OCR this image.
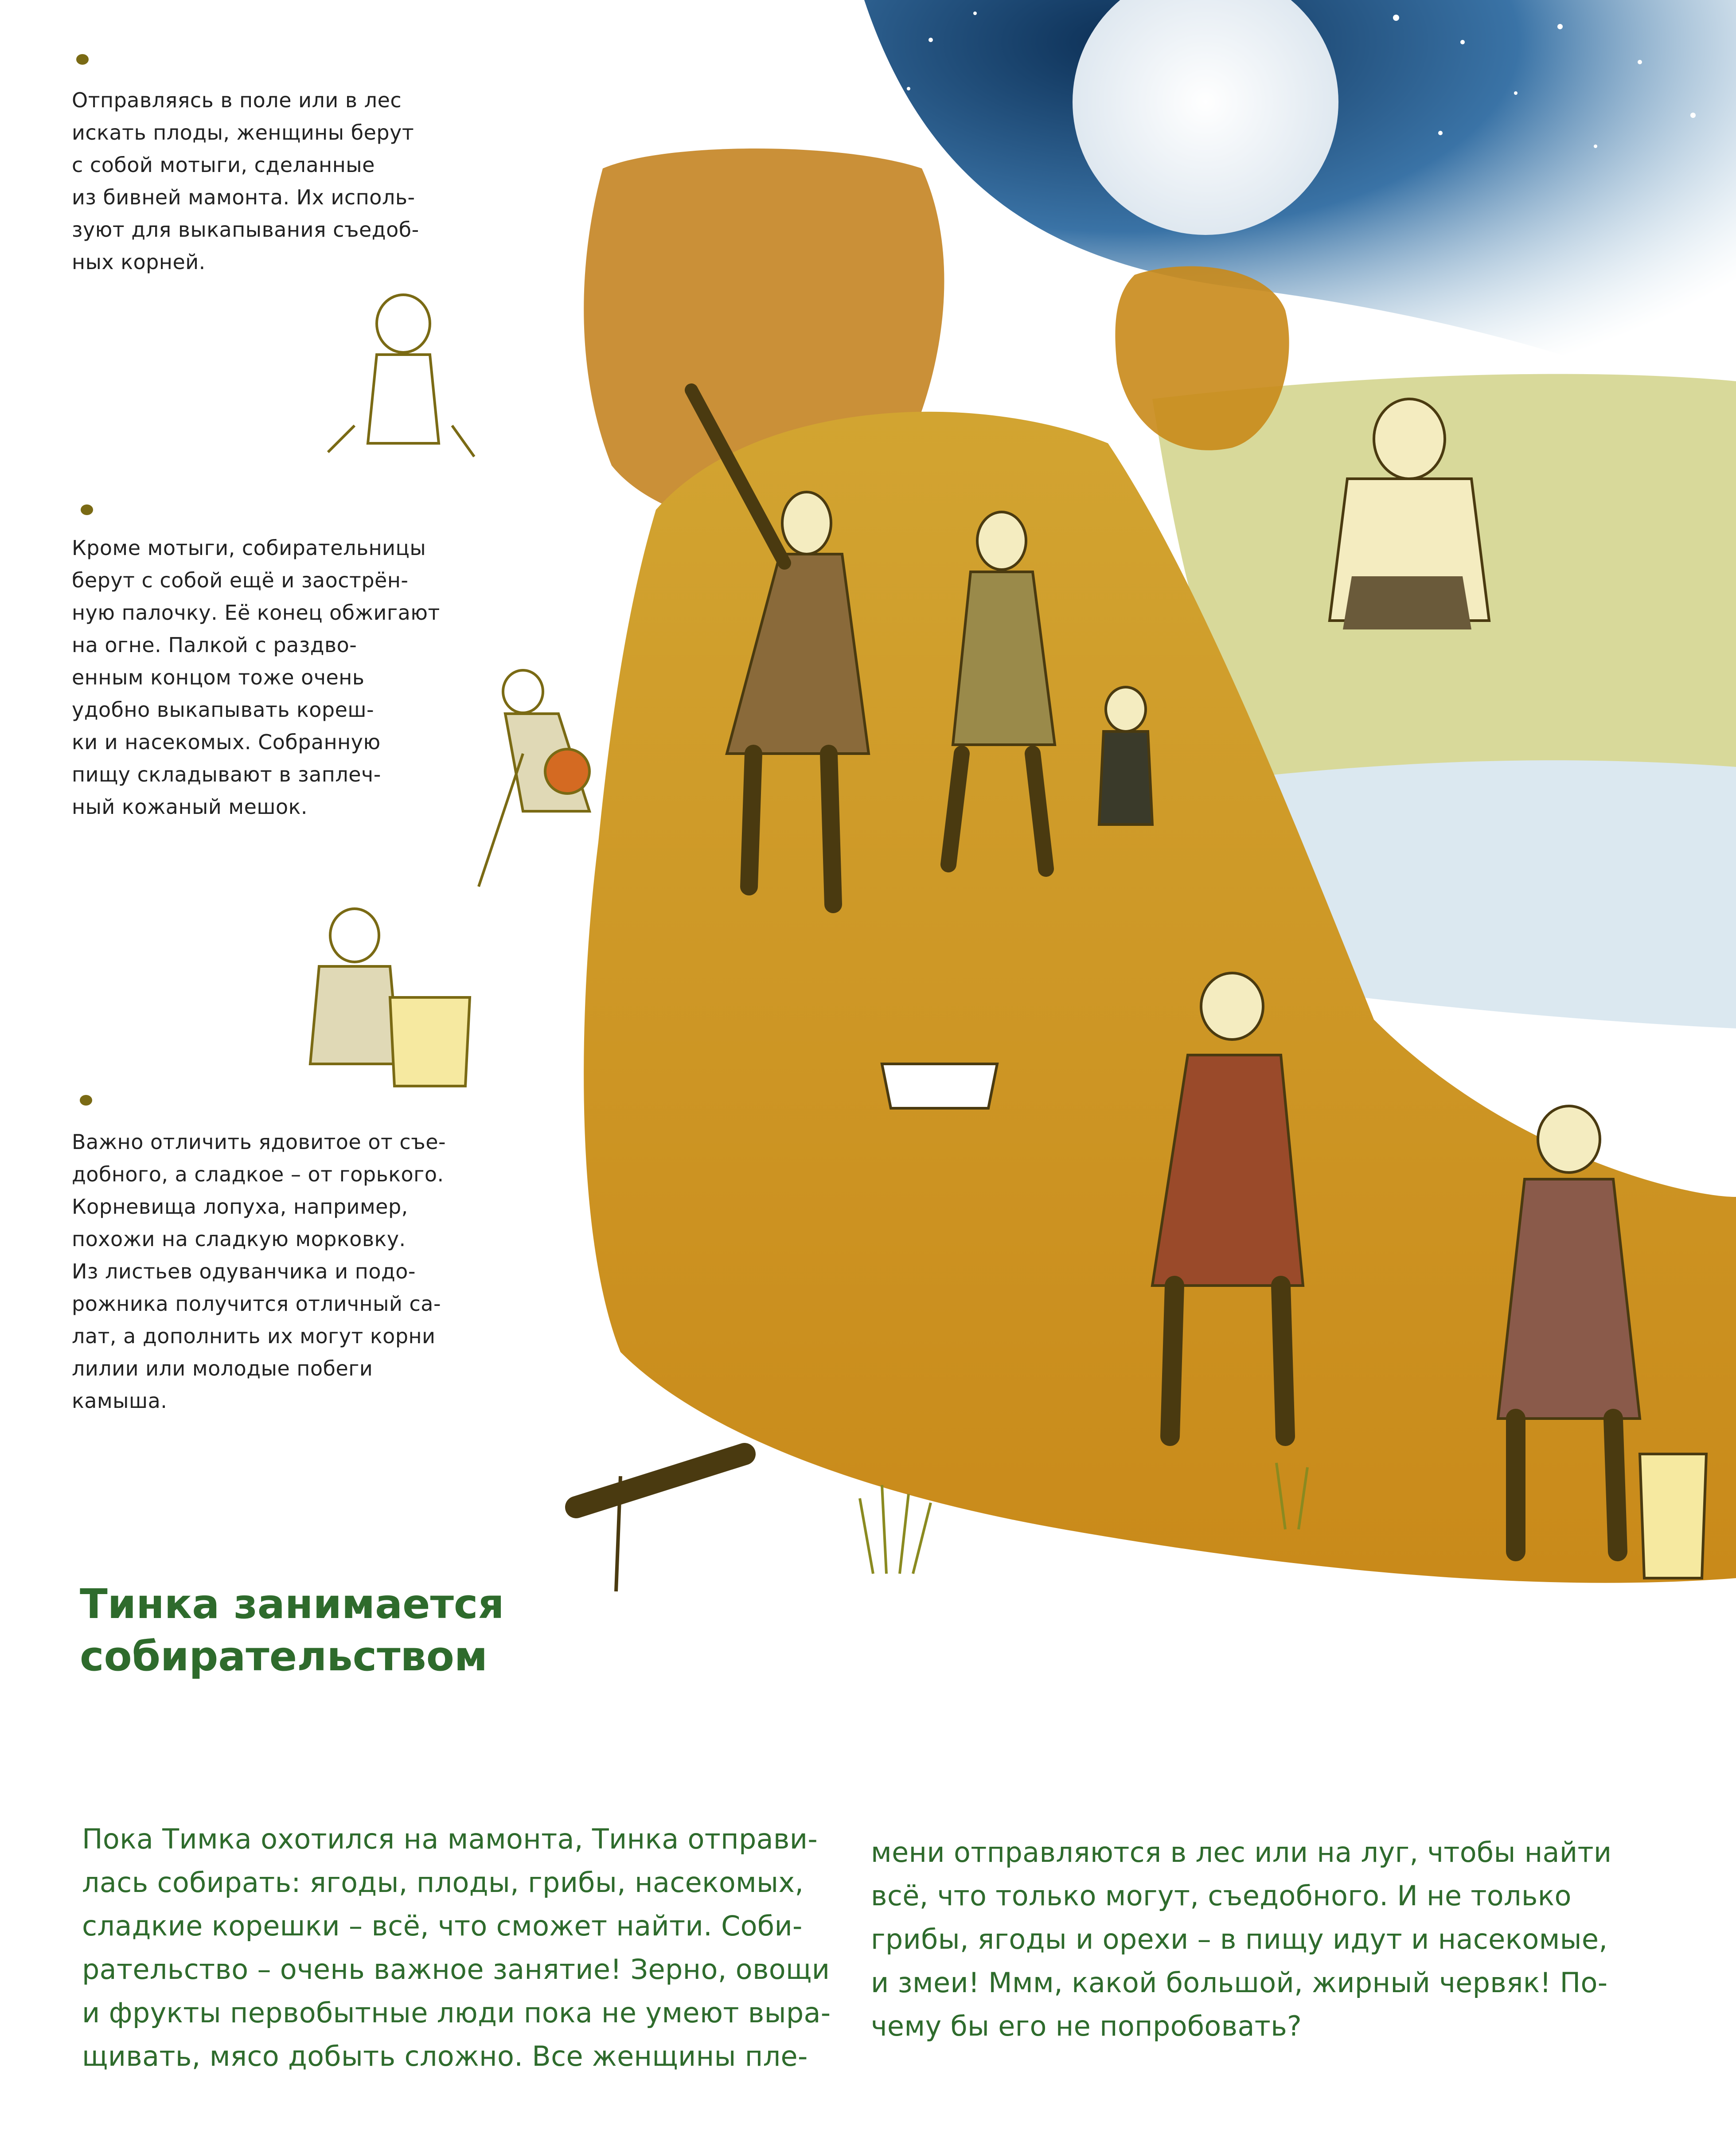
Отправляясь в поле или в лес
искать плоды, женщины берут
с собой мотыги, сделанные
из бивней мамонта. Их исполь-
зуют для выкапывания съедоб-
ных корней.
Кроме мотыги, собирательницы
берут с собой ещё и заострён-
ную палочку. Её конец обжигают
на огне. Палкой с раздво-
енным концом тоже очень
удобно выкапывать кореш-
ки и насекомых. Собранную
пищу складывают в заплеч-
ный кожаный мешок.
Важно отличить ядовитое от съе-
добного, а сладкое – от горького.
Корневища лопуха, например,
похожи на сладкую морковку.
Из листьев одуванчика и подо-
рожника получится отличный са-
лат, а дополнить их могут корни
лилии или молодые побеги
камыша.
Тинка занимается
собирательством
Пока Тимка охотился на мамонта, Тинка отправи-
лась собирать: ягоды, плоды, грибы, насекомых,
сладкие корешки – всё, что сможет найти. Соби-
рательство – очень важное занятие! Зерно, овощи
и фрукты первобытные люди пока не умеют выра-
щивать, мясо добыть сложно. Все женщины пле-
мени отправляются в лес или на луг, чтобы найти
всё, что только могут, съедобного. И не только
грибы, ягоды и орехи – в пищу идут и насекомые,
и змеи! Ммм, какой большой, жирный червяк! По-
чему бы его не попробовать?
